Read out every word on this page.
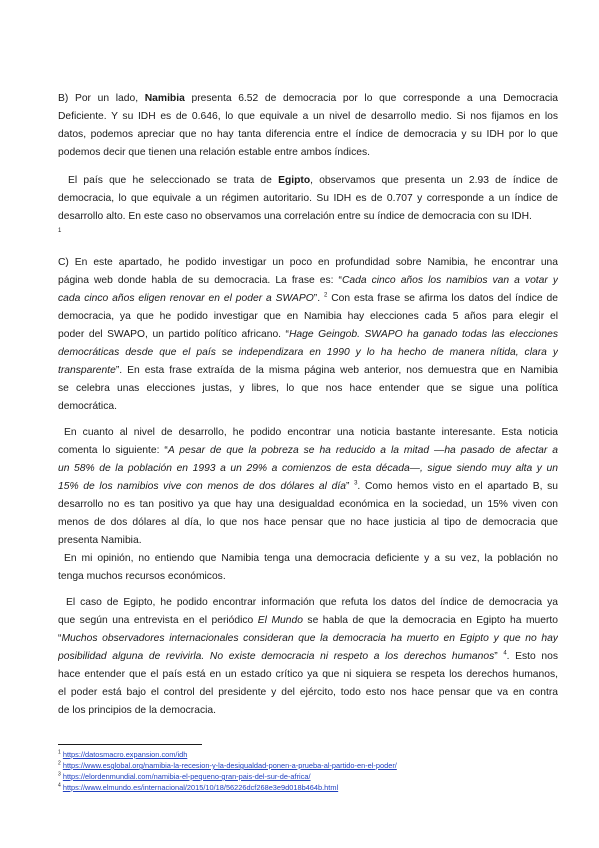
B) Por un lado, Namibia presenta 6.52 de democracia por lo que corresponde a una Democracia
Deficiente. Y su IDH es de 0.646, lo que equivale a un nivel de desarrollo medio. Si nos fijamos en los
datos, podemos apreciar que no hay tanta diferencia entre el índice de democracia y su IDH por lo que
podemos decir que tienen una relación estable entre ambos índices.
El país que he seleccionado se trata de Egipto, observamos que presenta un 2.93 de índice de
democracia, lo que equivale a un régimen autoritario. Su IDH es de 0.707 y corresponde a un índice de
desarrollo alto. En este caso no observamos una correlación entre su índice de democracia con su IDH.
1
C) En este apartado, he podido investigar un poco en profundidad sobre Namibia, he encontrar una
página web donde habla de su democracia. La frase es: “Cada cinco años los namibios van a votar y
cada cinco años eligen renovar en el poder a SWAPO”. $^2$ Con esta frase se afirma los datos del índice de
democracia, ya que he podido investigar que en Namibia hay elecciones cada 5 años para elegir el
poder del SWAPO, un partido político africano. “Hage Geingob. SWAPO ha ganado todas las elecciones
democráticas desde que el país se independizara en 1990 y lo ha hecho de manera nítida, clara y
transparente”. En esta frase extraída de la misma página web anterior, nos demuestra que en Namibia
se celebra unas elecciones justas, y libres, lo que nos hace entender que se sigue una política
democrática.
En cuanto al nivel de desarrollo, he podido encontrar una noticia bastante interesante. Esta noticia
comenta lo siguiente: “A pesar de que la pobreza se ha reducido a la mitad —ha pasado de afectar a
un 58% de la población en 1993 a un 29% a comienzos de esta década—, sigue siendo muy alta y un
15% de los namibios vive con menos de dos dólares al día” $^3$. Como hemos visto en el apartado B, su
desarrollo no es tan positivo ya que hay una desigualdad económica en la sociedad, un 15% viven con
menos de dos dólares al día, lo que nos hace pensar que no hace justicia al tipo de democracia que
presenta Namibia.
En mi opinión, no entiendo que Namibia tenga una democracia deficiente y a su vez, la población no
tenga muchos recursos económicos.
El caso de Egipto, he podido encontrar información que refuta los datos del índice de democracia ya
que según una entrevista en el periódico El Mundo se habla de que la democracia en Egipto ha muerto
“Muchos observadores internacionales consideran que la democracia ha muerto en Egipto y que no hay
posibilidad alguna de revivirla. No existe democracia ni respeto a los derechos humanos” $^4$. Esto nos
hace entender que el país está en un estado crítico ya que ni siquiera se respeta los derechos humanos,
el poder está bajo el control del presidente y del ejército, todo esto nos hace pensar que va en contra
de los principios de la democracia.
$^1$ https://datosmacro.expansion.com/idh
$^2$ https://www.esglobal.org/namibia-la-recesion-y-la-desigualdad-ponen-a-prueba-al-partido-en-el-poder/
$^3$ https://elordenmundial.com/namibia-el-pequeno-gran-pais-del-sur-de-africa/
$^4$ https://www.elmundo.es/internacional/2015/10/18/56226dcf268e3e9d018b464b.html
